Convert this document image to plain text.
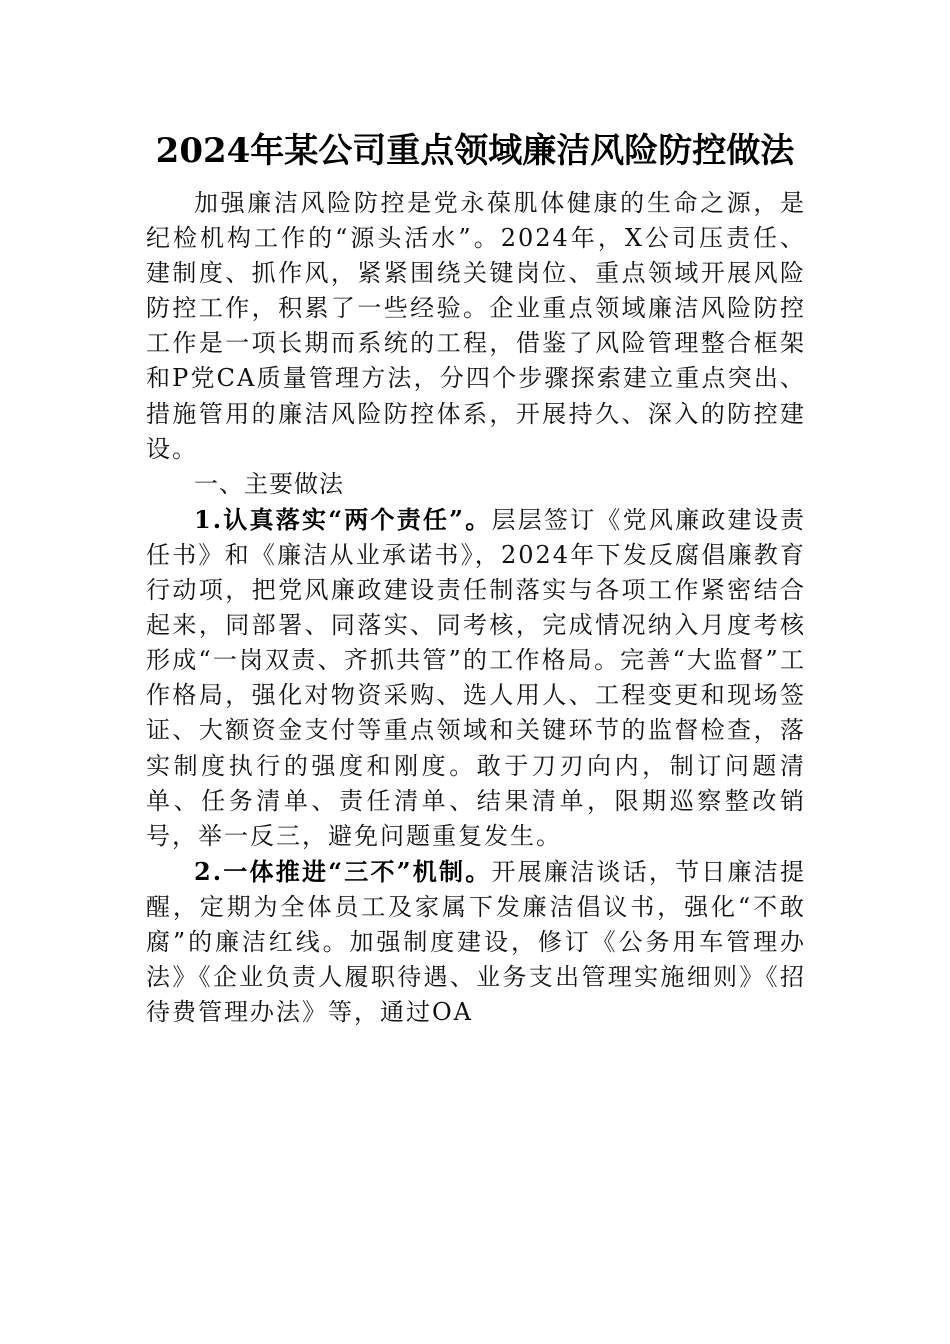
2024年某公司重点领域廉洁风险防控做法

加强廉洁风险防控是党永葆肌体健康的生命之源，是纪检机构工作的“源头活水”。2024年，X公司压责任、建制度、抓作风，紧紧围绕关键岗位、重点领域开展风险防控工作，积累了一些经验。企业重点领域廉洁风险防控工作是一项长期而系统的工程，借鉴了风险管理整合框架和P党CA质量管理方法，分四个步骤探索建立重点突出、措施管用的廉洁风险防控体系，开展持久、深入的防控建设。

一、主要做法

1.认真落实“两个责任”。层层签订《党风廉政建设责任书》和《廉洁从业承诺书》，2024年下发反腐倡廉教育行动项，把党风廉政建设责任制落实与各项工作紧密结合起来，同部署、同落实、同考核，完成情况纳入月度考核形成“一岗双责、齐抓共管”的工作格局。完善“大监督”工作格局，强化对物资采购、选人用人、工程变更和现场签证、大额资金支付等重点领域和关键环节的监督检查，落实制度执行的强度和刚度。敢于刀刃向内，制订问题清单、任务清单、责任清单、结果清单，限期巡察整改销号，举一反三，避免问题重复发生。

2.一体推进“三不”机制。开展廉洁谈话，节日廉洁提醒，定期为全体员工及家属下发廉洁倡议书，强化“不敢腐”的廉洁红线。加强制度建设，修订《公务用车管理办法》《企业负责人履职待遇、业务支出管理实施细则》《招待费管理办法》等，通过OA
